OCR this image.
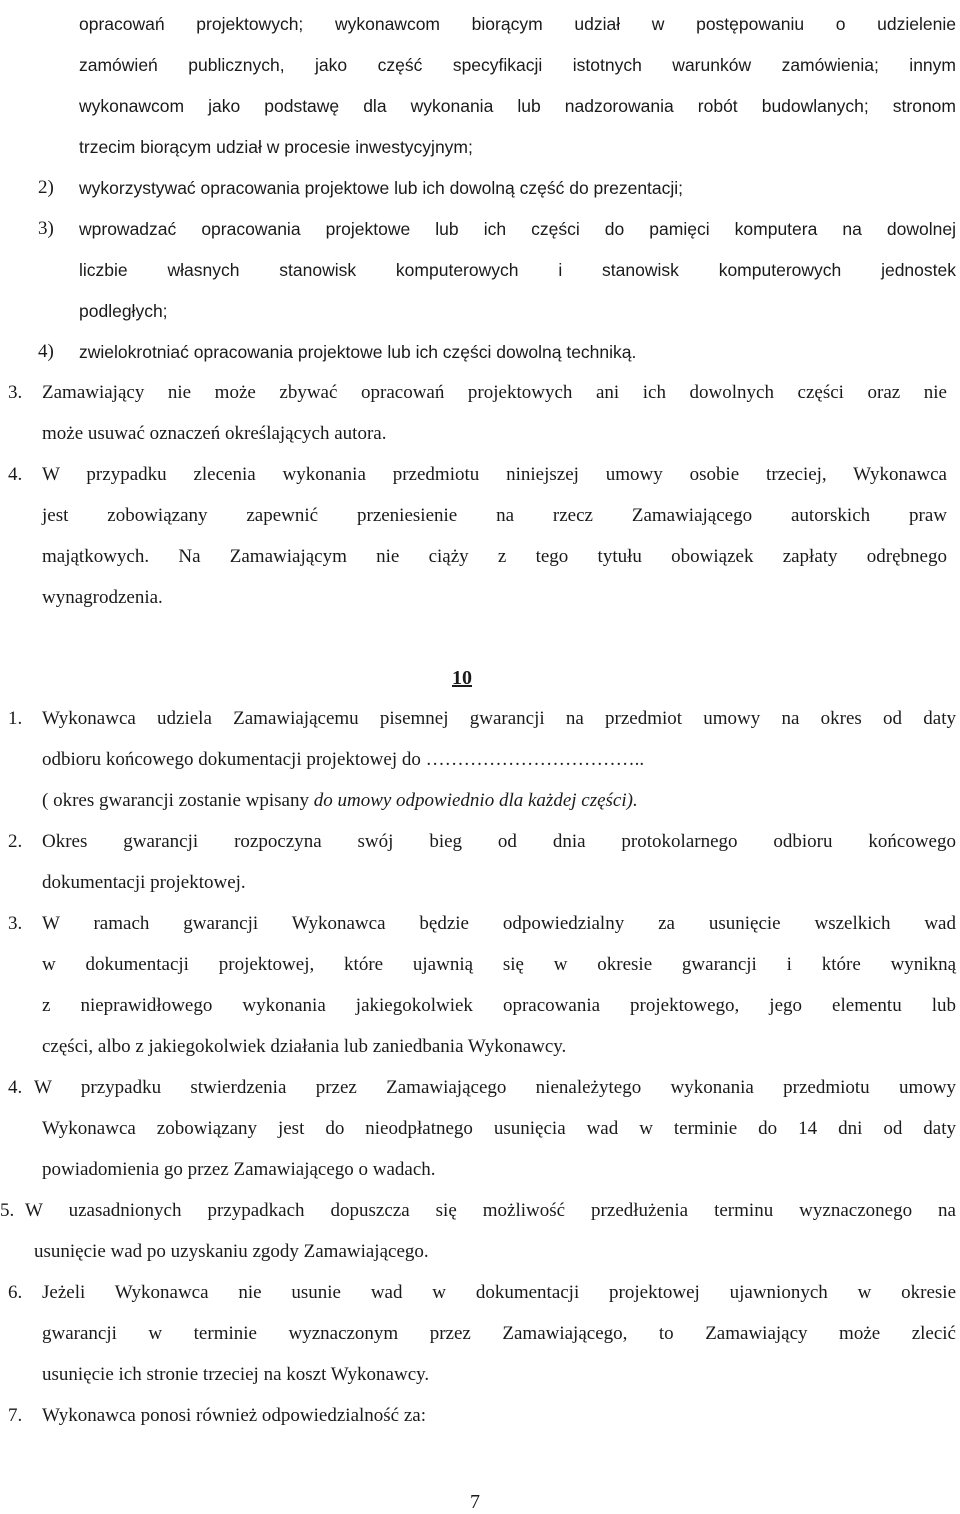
opracowań projektowych; wykonawcom biorącym udział w postępowaniu o udzielenie
zamówień publicznych, jako część specyfikacji istotnych warunków zamówienia; innym
wykonawcom jako podstawę dla wykonania lub nadzorowania robót budowlanych; stronom
trzecim biorącym udział w procesie inwestycyjnym;
2) wykorzystywać opracowania projektowe lub ich dowolną część do prezentacji;
3) wprowadzać opracowania projektowe lub ich części do pamięci komputera na dowolnej
liczbie własnych stanowisk komputerowych i stanowisk komputerowych jednostek
podległych;
4) zwielokrotniać opracowania projektowe lub ich części dowolną techniką.
3. Zamawiający nie może zbywać opracowań projektowych ani ich dowolnych części oraz nie
może usuwać oznaczeń określających autora.
4. W przypadku zlecenia wykonania przedmiotu niniejszej umowy osobie trzeciej, Wykonawca
jest zobowiązany zapewnić przeniesienie na rzecz Zamawiającego autorskich praw
majątkowych. Na Zamawiającym nie ciąży z tego tytułu obowiązek zapłaty odrębnego
wynagrodzenia.
10
1. Wykonawca udziela Zamawiającemu pisemnej gwarancji na przedmiot umowy na okres od daty
odbioru końcowego dokumentacji projektowej do ……………………………..
( okres gwarancji zostanie wpisany do umowy odpowiednio dla każdej części).
2. Okres gwarancji rozpoczyna swój bieg od dnia protokolarnego odbioru końcowego
dokumentacji projektowej.
3. W ramach gwarancji Wykonawca będzie odpowiedzialny za usunięcie wszelkich wad
w dokumentacji projektowej, które ujawnią się w okresie gwarancji i które wynikną
z nieprawidłowego wykonania jakiegokolwiek opracowania projektowego, jego elementu lub
części, albo z jakiegokolwiek działania lub zaniedbania Wykonawcy.
4. W przypadku stwierdzenia przez Zamawiającego nienależytego wykonania przedmiotu umowy
Wykonawca zobowiązany jest do nieodpłatnego usunięcia wad w terminie do 14 dni od daty
powiadomienia go przez Zamawiającego o wadach.
5. W uzasadnionych przypadkach dopuszcza się możliwość przedłużenia terminu wyznaczonego na
usunięcie wad po uzyskaniu zgody Zamawiającego.
6. Jeżeli Wykonawca nie usunie wad w dokumentacji projektowej ujawnionych w okresie
gwarancji w terminie wyznaczonym przez Zamawiającego, to Zamawiający może zlecić
usunięcie ich stronie trzeciej na koszt Wykonawcy.
7. Wykonawca ponosi również odpowiedzialność za:
7
